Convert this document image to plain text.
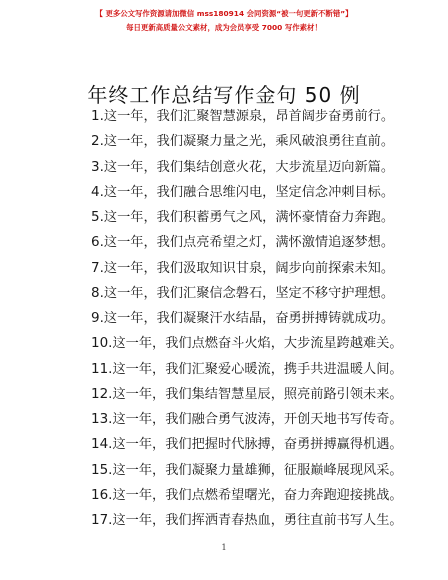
【 更多公文写作资源请加微信 mss180914 会同资源“被一句更新不断错”】
每日更新高质量公文素材，成为会员享受 7000 写作素材！
年终工作总结写作金句 50 例
1.这一年，我们汇聚智慧源泉，昂首阔步奋勇前行。
2.这一年，我们凝聚力量之光，乘风破浪勇往直前。
3.这一年，我们集结创意火花，大步流星迈向新篇。
4.这一年，我们融合思维闪电，坚定信念冲刺目标。
5.这一年，我们积蓄勇气之风，满怀豪情奋力奔跑。
6.这一年，我们点亮希望之灯，满怀激情追逐梦想。
7.这一年，我们汲取知识甘泉，阔步向前探索未知。
8.这一年，我们汇聚信念磐石，坚定不移守护理想。
9.这一年，我们凝聚汗水结晶，奋勇拼搏铸就成功。
10.这一年，我们点燃奋斗火焰，大步流星跨越难关。
11.这一年，我们汇聚爱心暖流，携手共进温暖人间。
12.这一年，我们集结智慧星辰，照亮前路引领未来。
13.这一年，我们融合勇气波涛，开创天地书写传奇。
14.这一年，我们把握时代脉搏，奋勇拼搏赢得机遇。
15.这一年，我们凝聚力量雄狮，征服巅峰展现风采。
16.这一年，我们点燃希望曙光，奋力奔跑迎接挑战。
17.这一年，我们挥洒青春热血，勇往直前书写人生。
1
